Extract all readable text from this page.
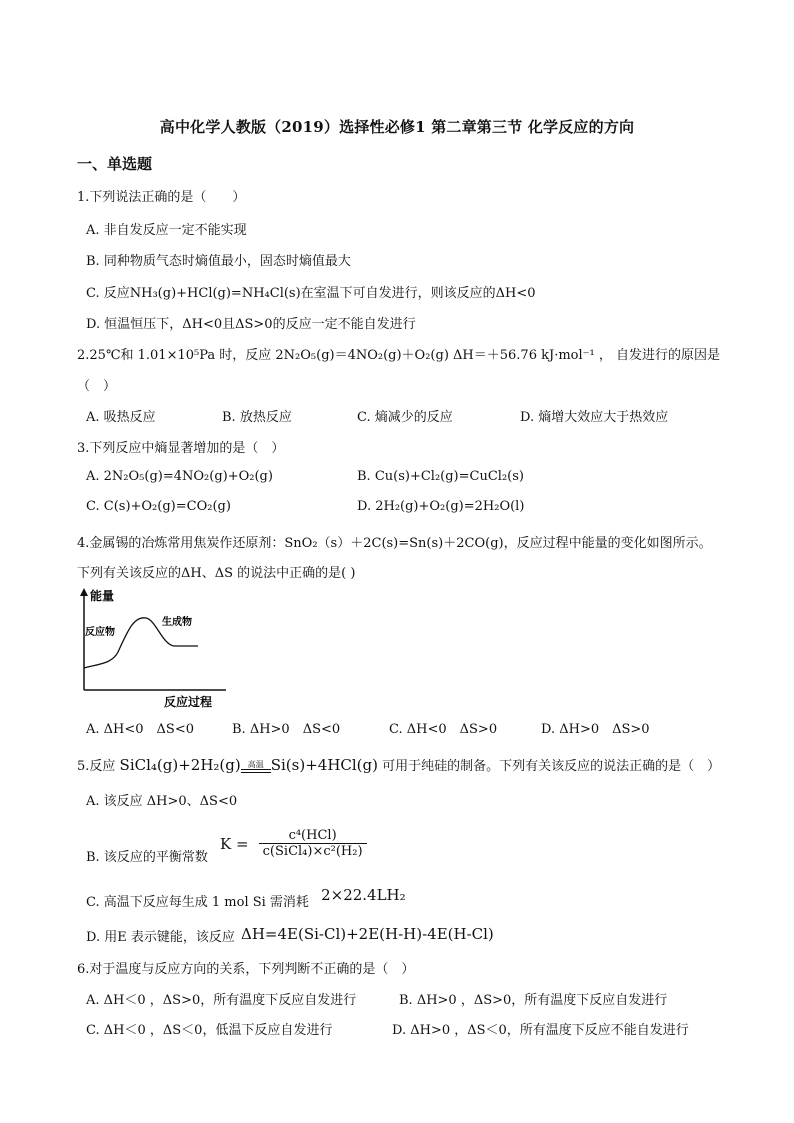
高中化学人教版（2019）选择性必修1 第二章第三节 化学反应的方向
一、单选题
1.下列说法正确的是（　　）
A. 非自发反应一定不能实现
B. 同种物质气态时熵值最小，固态时熵值最大
C. 反应NH₃(g)+HCl(g)=NH₄Cl(s)在室温下可自发进行，则该反应的ΔH<0
D. 恒温恒压下，ΔH<0且ΔS>0的反应一定不能自发进行
2.25℃和 1.01×10⁵Pa 时，反应 2N₂O₅(g)＝4NO₂(g)＋O₂(g) ΔH＝＋56.76 kJ·mol⁻¹ ， 自发进行的原因是
（　）
A. 吸热反应	B. 放热反应	C. 熵减少的反应	D. 熵增大效应大于热效应
3.下列反应中熵显著增加的是（　）
A. 2N₂O₅(g)=4NO₂(g)+O₂(g)	B. Cu(s)+Cl₂(g)=CuCl₂(s)
C. C(s)+O₂(g)=CO₂(g)	D. 2H₂(g)+O₂(g)=2H₂O(l)
4.金属锡的冶炼常用焦炭作还原剂：SnO₂（s）＋2C(s)=Sn(s)＋2CO(g)，反应过程中能量的变化如图所示。
下列有关该反应的ΔH、ΔS 的说法中正确的是( )
能量
反应物
生成物
反应过程
A. ΔH<0　ΔS<0	B. ΔH>0　ΔS<0	C. ΔH<0　ΔS>0	D. ΔH>0　ΔS>0
5.反应 SiCl₄(g)+2H₂(g) 高温 Si(s)+4HCl(g) 可用于纯硅的制备。下列有关该反应的说法正确的是（　）
A. 该反应 ΔH>0、ΔS<0
B. 该反应的平衡常数 $K = \frac{\text{c⁴(HCl)}}{\text{c(SiCl₄)×c²(H₂)}}$
C. 高温下反应每生成 1 mol Si 需消耗 2×22.4LH₂
D. 用E 表示键能，该反应 ΔH=4E(Si-Cl)+2E(H-H)-4E(H-Cl)
6.对于温度与反应方向的关系，下列判断不正确的是（　）
A. ΔH＜0 ，ΔS>0，所有温度下反应自发进行	B. ΔH>0 ，ΔS>0，所有温度下反应自发进行
C. ΔH＜0 ，ΔS＜0，低温下反应自发进行	D. ΔH>0 ，ΔS＜0，所有温度下反应不能自发进行
